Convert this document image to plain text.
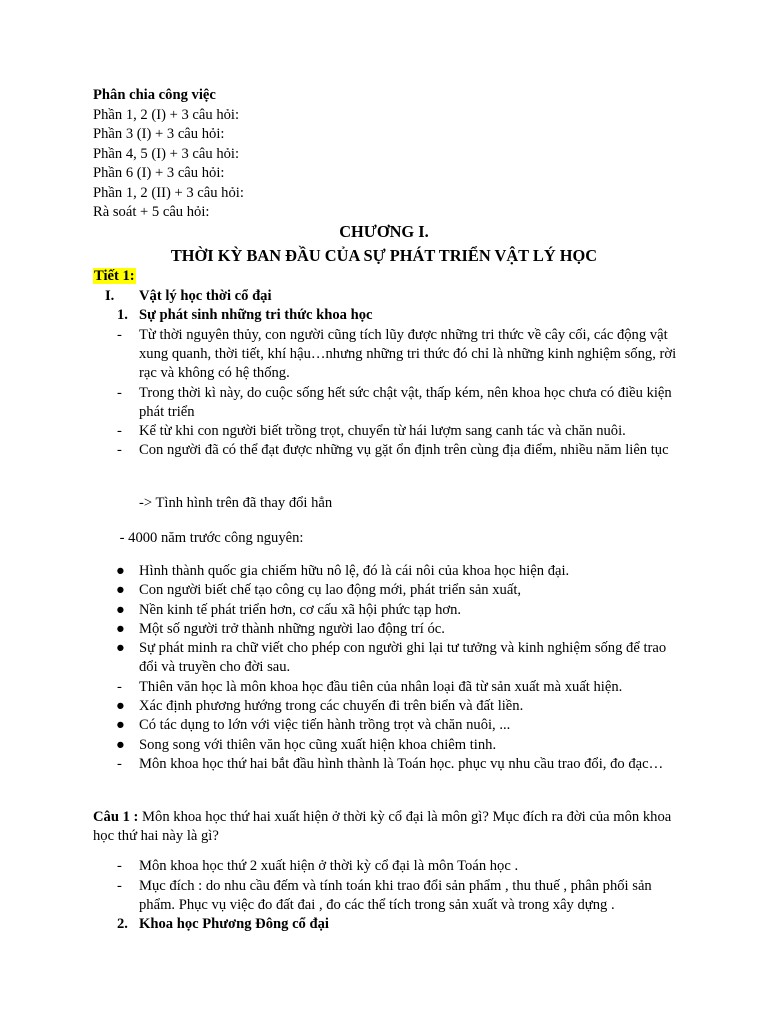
Phân chia công việc
Phần 1, 2 (I) + 3 câu hỏi:
Phần 3 (I) + 3 câu hỏi:
Phần 4, 5 (I) + 3 câu hỏi:
Phần 6 (I) + 3 câu hỏi:
Phần 1, 2 (II) + 3 câu hỏi:
Rà soát + 5 câu hỏi:
CHƯƠNG I.
THỜI KỲ BAN ĐẦU CỦA SỰ PHÁT TRIỂN VẬT LÝ HỌC
Tiết 1:
I. Vật lý học thời cổ đại
1. Sự phát sinh những tri thức khoa học
- Từ thời nguyên thủy, con người cũng tích lũy được những tri thức về cây cối, các động vật xung quanh, thời tiết, khí hậu…nhưng những tri thức đó chỉ là những kinh nghiệm sống, rời rạc và không có hệ thống.
- Trong thời kì này, do cuộc sống hết sức chật vật, thấp kém, nên khoa học chưa có điều kiện phát triển
- Kể từ khi con người biết trồng trọt, chuyển từ hái lượm sang canh tác và chăn nuôi.
- Con người đã có thể đạt được những vụ gặt ổn định trên cùng địa điểm, nhiều năm liên tục
-> Tình hình trên đã thay đổi hẳn
- 4000 năm trước công nguyên:
● Hình thành quốc gia chiếm hữu nô lệ, đó là cái nôi của khoa học hiện đại.
● Con người biết chế tạo công cụ lao động mới, phát triển sản xuất,
● Nền kinh tế phát triển hơn, cơ cấu xã hội phức tạp hơn.
● Một số người trở thành những người lao động trí óc.
● Sự phát minh ra chữ viết cho phép con người ghi lại tư tưởng và kinh nghiệm sống để trao đổi và truyền cho đời sau.
- Thiên văn học là môn khoa học đầu tiên của nhân loại đã từ sản xuất mà xuất hiện.
● Xác định phương hướng trong các chuyến đi trên biển và đất liền.
● Có tác dụng to lớn với việc tiến hành trồng trọt và chăn nuôi, ...
● Song song với thiên văn học cũng xuất hiện khoa chiêm tinh.
- Môn khoa học thứ hai bắt đầu hình thành là Toán học. phục vụ nhu cầu trao đổi, đo đạc…
Câu 1 : Môn khoa học thứ hai xuất hiện ở thời kỳ cổ đại là môn gì? Mục đích ra đời của môn khoa học thứ hai này là gì?
- Môn khoa học thứ 2 xuất hiện ở thời kỳ cổ đại là môn Toán học .
- Mục đích : do nhu cầu đếm và tính toán khi trao đổi sản phẩm , thu thuế , phân phối sản phẩm. Phục vụ việc đo đất đai , đo các thể tích trong sản xuất và trong xây dựng .
2. Khoa học Phương Đông cổ đại
